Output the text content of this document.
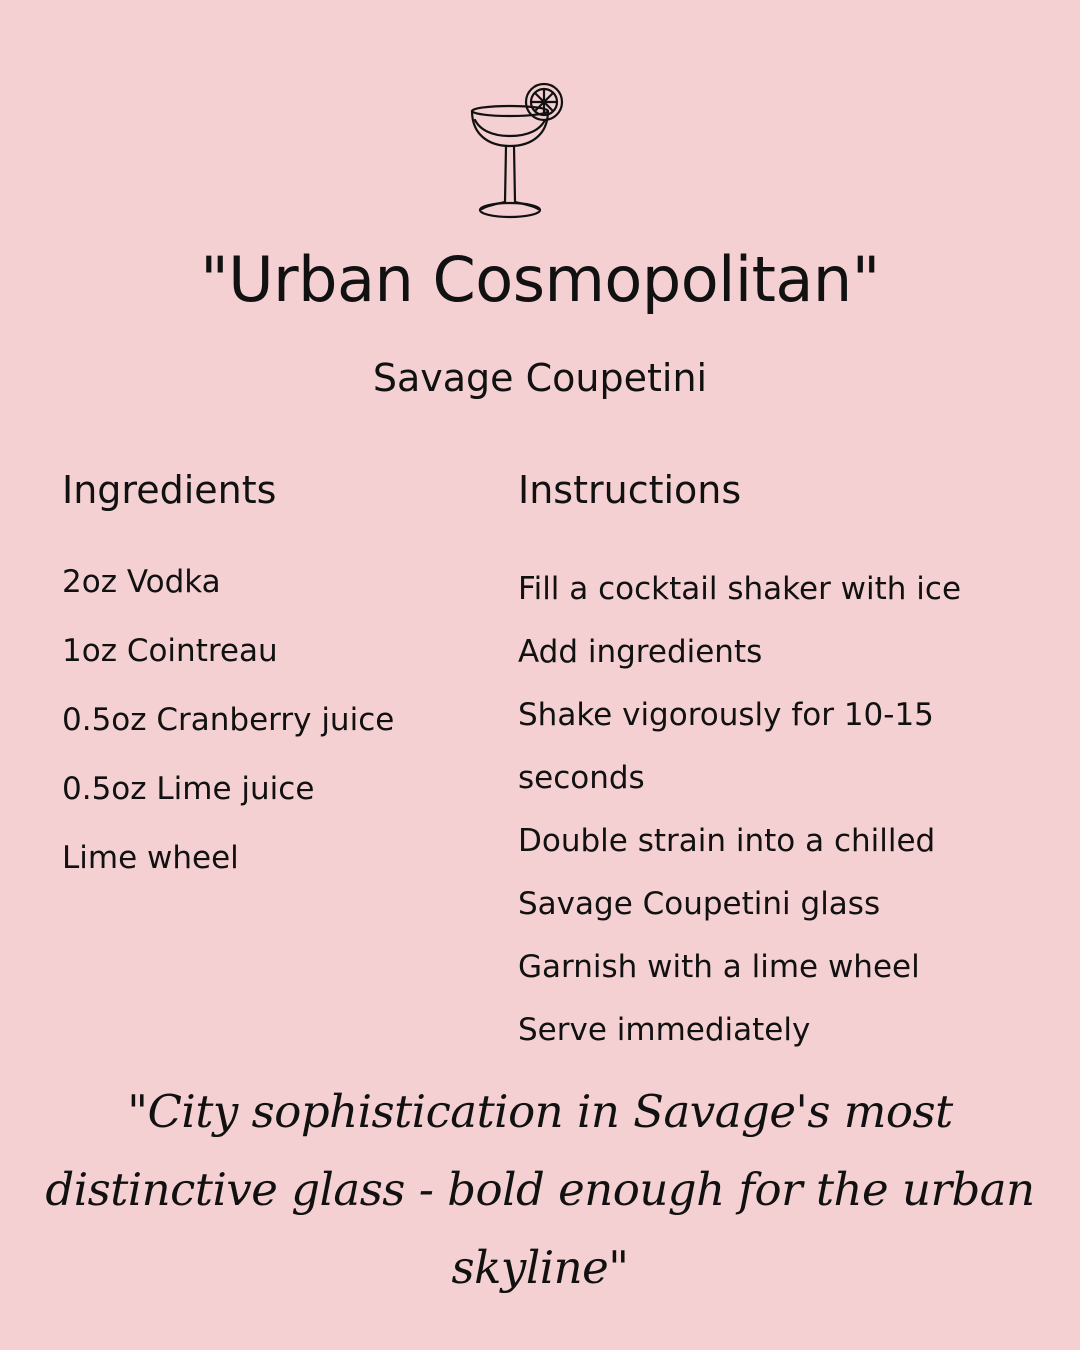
"Urban Cosmopolitan"
Savage Coupetini
Ingredients
2oz Vodka
1oz Cointreau
0.5oz Cranberry juice
0.5oz Lime juice
Lime wheel
Instructions
Fill a cocktail shaker with ice
Add ingredients
Shake vigorously for 10-15 seconds
Double strain into a chilled Savage Coupetini glass
Garnish with a lime wheel
Serve immediately
"City sophistication in Savage's most distinctive glass - bold enough for the urban skyline"
